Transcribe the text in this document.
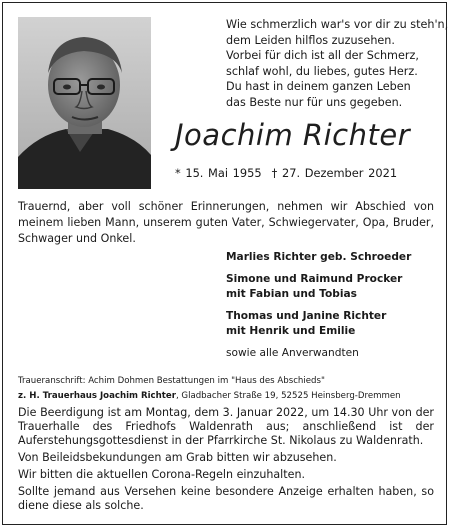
Wie schmerzlich war's vor dir zu steh'n,
dem Leiden hilflos zuzusehen.
Vorbei für dich ist all der Schmerz,
schlaf wohl, du liebes, gutes Herz.
Du hast in deinem ganzen Leben
das Beste nur für uns gegeben.
Joachim Richter
* 15. Mai 1955 † 27. Dezember 2021
Trauernd, aber voll schöner Erinnerungen, nehmen wir Abschied von meinem lieben Mann, unserem guten Vater, Schwiegervater, Opa, Bruder, Schwager und Onkel.
Marlies Richter geb. Schroeder
Simone und Raimund Procker
mit Fabian und Tobias
Thomas und Janine Richter
mit Henrik und Emilie
sowie alle Anverwandten
Traueranschrift: Achim Dohmen Bestattungen im "Haus des Abschieds"
z. H. Trauerhaus Joachim Richter, Gladbacher Straße 19, 52525 Heinsberg-Dremmen

Die Beerdigung ist am Montag, dem 3. Januar 2022, um 14.30 Uhr von der Trauerhalle des Friedhofs Waldenrath aus; anschließend ist der Auferstehungsgottesdienst in der Pfarrkirche St. Nikolaus zu Waldenrath.

Von Beileidsbekundungen am Grab bitten wir abzusehen.

Wir bitten die aktuellen Corona-Regeln einzuhalten.

Sollte jemand aus Versehen keine besondere Anzeige erhalten haben, so diene diese als solche.
